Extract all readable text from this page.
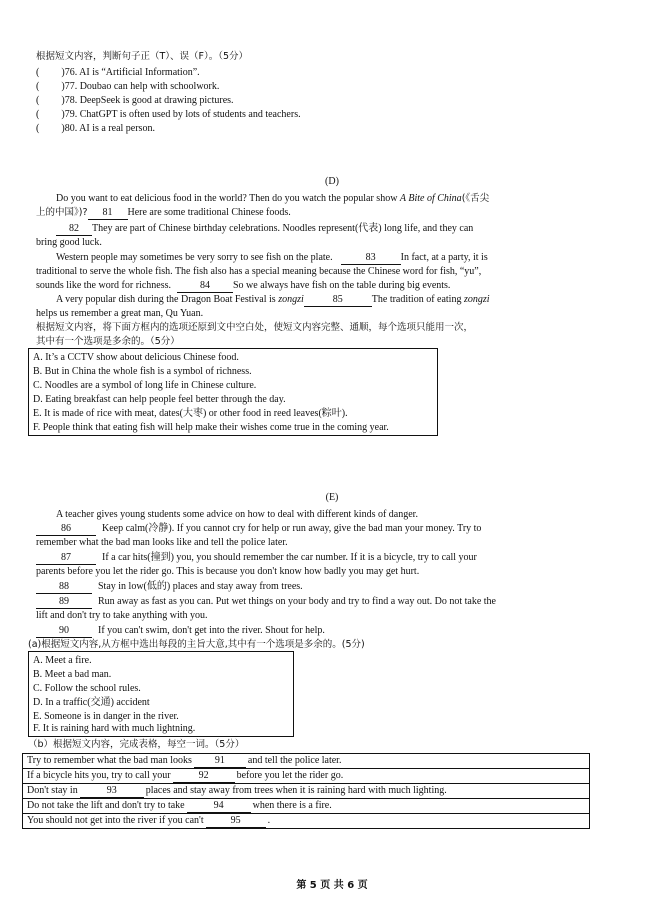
根据短文内容，判断句子正（T）、误（F）。（5分）
( )76. AI is “Artificial Information”.
( )77. Doubao can help with schoolwork.
( )78. DeepSeek is good at drawing pictures.
( )79. ChatGPT is often used by lots of students and teachers.
( )80. AI is a real person.
(D)
Do you want to eat delicious food in the world? Then do you watch the popular show A Bite of China(《舌尖
上的中国》)? 81 Here are some traditional Chinese foods.
82 They are part of Chinese birthday celebrations. Noodles represent(代表) long life, and they can
bring good luck.
Western people may sometimes be very sorry to see fish on the plate.	83	In fact, at a party, it is
traditional to serve the whole fish. The fish also has a special meaning because the Chinese word for fish, “yu”,
sounds like the word for richness.	84 So we always have fish on the table during big events.
A very popular dish during the Dragon Boat Festival is zongzi	85	The tradition of eating zongzi
helps us remember a great man, Qu Yuan.
根据短文内容，将下面方框内的选项还原到文中空白处，使短文内容完整、通顺，每个选项只能用一次，
其中有一个选项是多余的。（5分）
A. It’s a CCTV show about delicious Chinese food.
B. But in China the whole fish is a symbol of richness.
C. Noodles are a symbol of long life in Chinese culture.
D. Eating breakfast can help people feel better through the day.
E. It is made of rice with meat, dates(大枣) or other food in reed leaves(粽叶).
F. People think that eating fish will help make their wishes come true in the coming year.
(E)
A teacher gives young students some advice on how to deal with different kinds of danger.
86	Keep calm(冷静). If you cannot cry for help or run away, give the bad man your money. Try to
remember what the bad man looks like and tell the police later.
87	If a car hits(撞到) you, you should remember the car number. If it is a bicycle, try to call your
parents before you let the rider go. This is because you don't know how badly you may get hurt.
88	Stay in low(低的) places and stay away from trees.
89	Run away as fast as you can. Put wet things on your body and try to find a way out. Do not take the
lift and don't try to take anything with you.
90	If you can't swim, don't get into the river. Shout for help.
(a)根据短文内容,从方框中选出每段的主旨大意,其中有一个选项是多余的。(5分)
A. Meet a fire.
B. Meet a bad man.
C. Follow the school rules.
D. In a traffic(交通) accident
E. Someone is in danger in the river.
F. It is raining hard with much lightning.
（b）根据短文内容，完成表格，每空一词。（5分）
Try to remember what the bad man looks 91 and tell the police later.
If a bicycle hits you, try to call your	92	before you let the rider go.
Don't stay in	93	places and stay away from trees when it is raining hard with much lighting.
Do not take the lift and don't try to take	94	when there is a fire.
You should not get into the river if you can't	95	.
第 5 页 共 6 页
